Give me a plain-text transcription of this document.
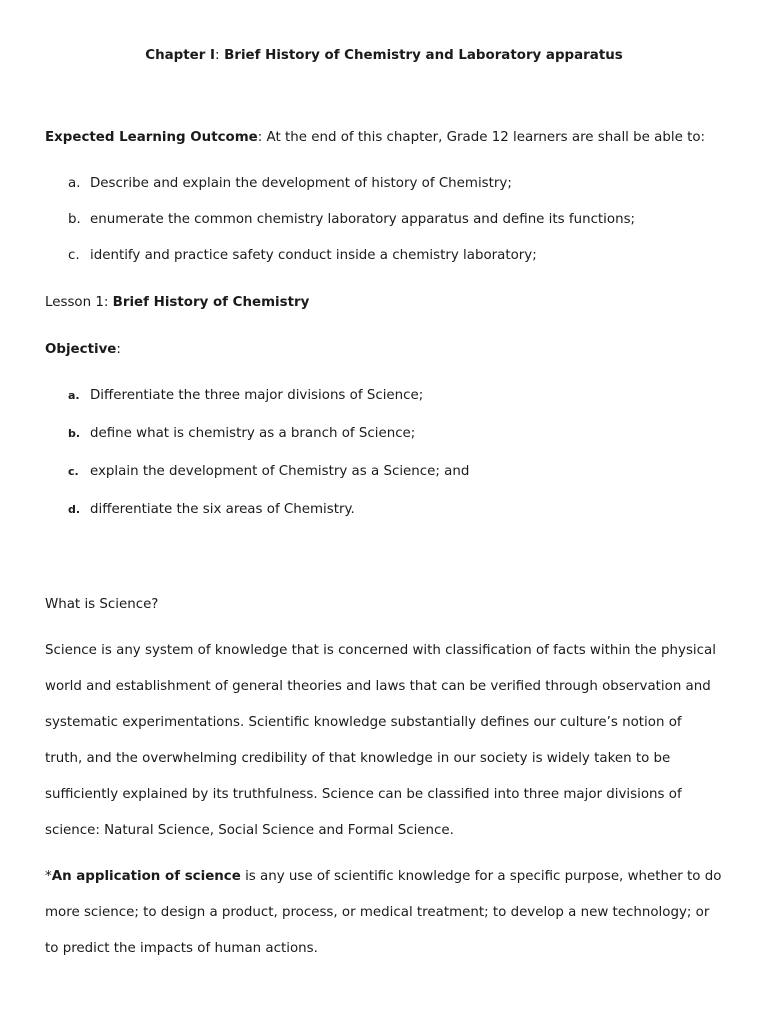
Chapter I: Brief History of Chemistry and Laboratory apparatus
Expected Learning Outcome: At the end of this chapter, Grade 12 learners are shall be able to:
a. Describe and explain the development of history of Chemistry;
b. enumerate the common chemistry laboratory apparatus and define its functions;
c. identify and practice safety conduct inside a chemistry laboratory;
Lesson 1: Brief History of Chemistry
Objective:
a. Differentiate the three major divisions of Science;
b. define what is chemistry as a branch of Science;
c. explain the development of Chemistry as a Science; and
d. differentiate the six areas of Chemistry.
What is Science?
Science is any system of knowledge that is concerned with classification of facts within the physical
world and establishment of general theories and laws that can be verified through observation and
systematic experimentations. Scientific knowledge substantially defines our culture’s notion of
truth, and the overwhelming credibility of that knowledge in our society is widely taken to be
sufficiently explained by its truthfulness. Science can be classified into three major divisions of
science: Natural Science, Social Science and Formal Science.
*An application of science is any use of scientific knowledge for a specific purpose, whether to do
more science; to design a product, process, or medical treatment; to develop a new technology; or
to predict the impacts of human actions.
